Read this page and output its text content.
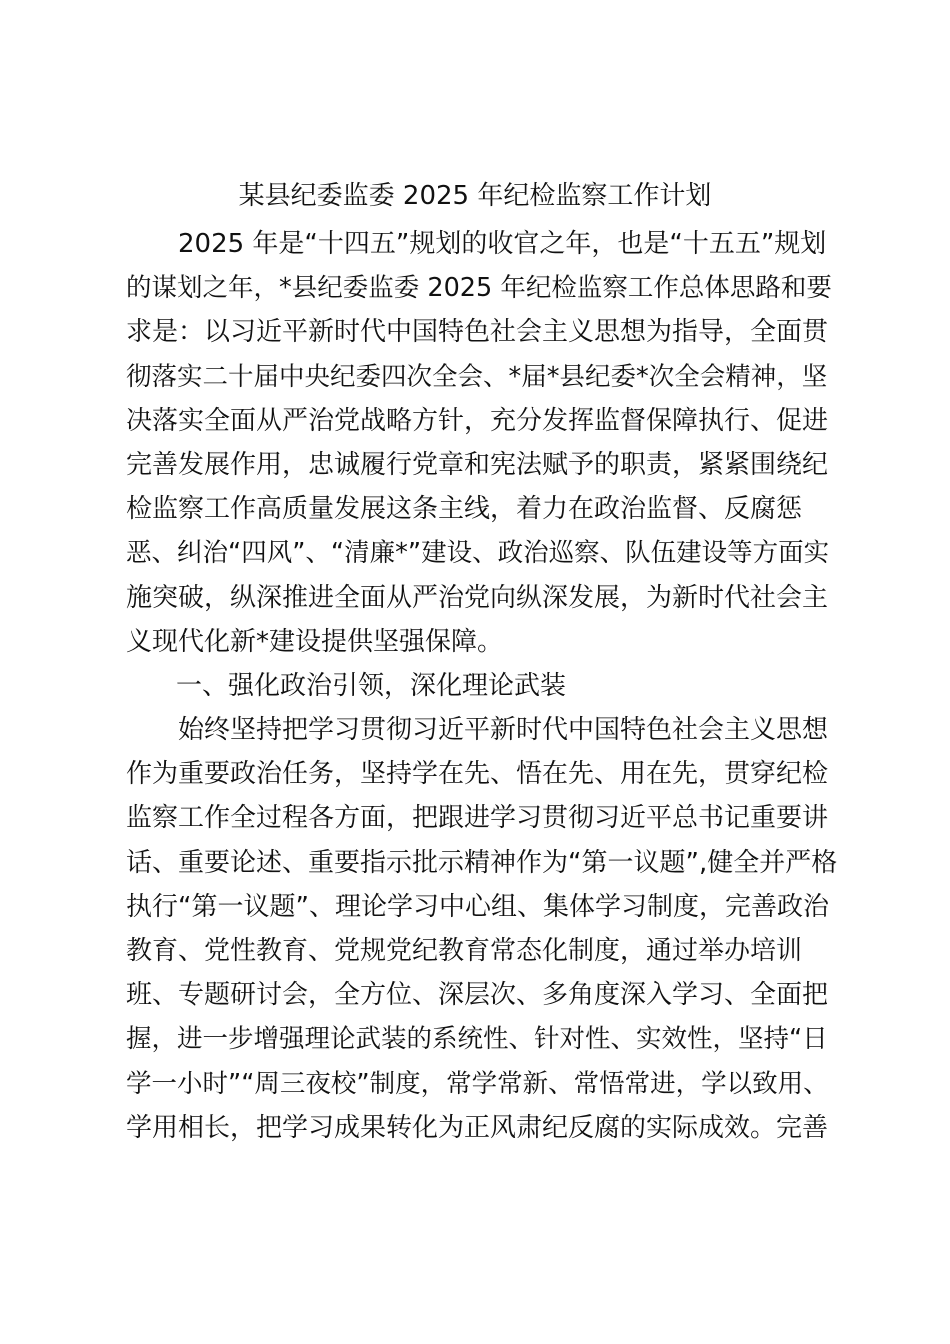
某县纪委监委 2025 年纪检监察工作计划
2025 年是“十四五”规划的收官之年，也是“十五五”规划
的谋划之年，*县纪委监委 2025 年纪检监察工作总体思路和要
求是：以习近平新时代中国特色社会主义思想为指导，全面贯
彻落实二十届中央纪委四次全会、*届*县纪委*次全会精神，坚
决落实全面从严治党战略方针，充分发挥监督保障执行、促进
完善发展作用，忠诚履行党章和宪法赋予的职责，紧紧围绕纪
检监察工作高质量发展这条主线，着力在政治监督、反腐惩
恶、纠治“四风”、“清廉*”建设、政治巡察、队伍建设等方面实
施突破，纵深推进全面从严治党向纵深发展，为新时代社会主
义现代化新*建设提供坚强保障。
一、强化政治引领，深化理论武装
始终坚持把学习贯彻习近平新时代中国特色社会主义思想
作为重要政治任务，坚持学在先、悟在先、用在先，贯穿纪检
监察工作全过程各方面，把跟进学习贯彻习近平总书记重要讲
话、重要论述、重要指示批示精神作为“第一议题”,健全并严格
执行“第一议题”、理论学习中心组、集体学习制度，完善政治
教育、党性教育、党规党纪教育常态化制度，通过举办培训
班、专题研讨会，全方位、深层次、多角度深入学习、全面把
握，进一步增强理论武装的系统性、针对性、实效性，坚持“日
学一小时”“周三夜校”制度，常学常新、常悟常进，学以致用、
学用相长，把学习成果转化为正风肃纪反腐的实际成效。完善
